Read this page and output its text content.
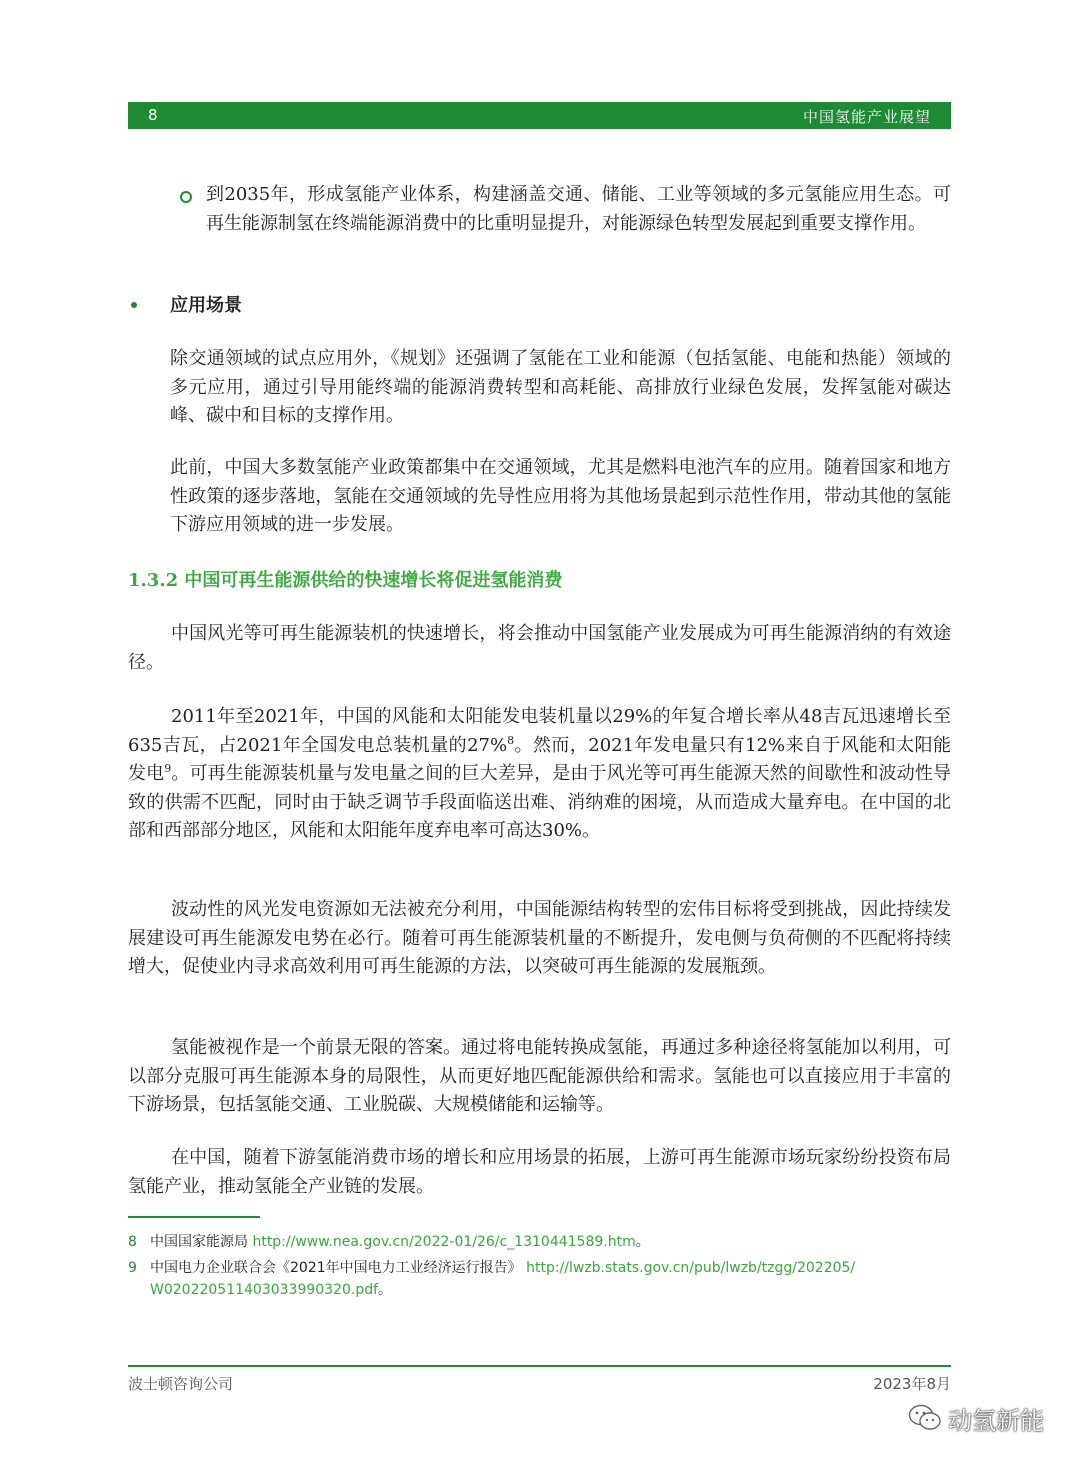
8	中国氢能产业展望
到2035年，形成氢能产业体系，构建涵盖交通、储能、工业等领域的多元氢能应用生态。可再生能源制氢在终端能源消费中的比重明显提升，对能源绿色转型发展起到重要支撑作用。
应用场景
除交通领域的试点应用外，《规划》还强调了氢能在工业和能源（包括氢能、电能和热能）领域的多元应用，通过引导用能终端的能源消费转型和高耗能、高排放行业绿色发展，发挥氢能对碳达峰、碳中和目标的支撑作用。
此前，中国大多数氢能产业政策都集中在交通领域，尤其是燃料电池汽车的应用。随着国家和地方性政策的逐步落地，氢能在交通领域的先导性应用将为其他场景起到示范性作用，带动其他的氢能下游应用领域的进一步发展。
1.3.2 中国可再生能源供给的快速增长将促进氢能消费
中国风光等可再生能源装机的快速增长，将会推动中国氢能产业发展成为可再生能源消纳的有效途径。
2011年至2021年，中国的风能和太阳能发电装机量以29%的年复合增长率从48吉瓦迅速增长至635吉瓦，占2021年全国发电总装机量的27%$^8$。然而，2021年发电量只有12%来自于风能和太阳能发电$^9$。可再生能源装机量与发电量之间的巨大差异，是由于风光等可再生能源天然的间歇性和波动性导致的供需不匹配，同时由于缺乏调节手段面临送出难、消纳难的困境，从而造成大量弃电。在中国的北部和西部部分地区，风能和太阳能年度弃电率可高达30%。
波动性的风光发电资源如无法被充分利用，中国能源结构转型的宏伟目标将受到挑战，因此持续发展建设可再生能源发电势在必行。随着可再生能源装机量的不断提升，发电侧与负荷侧的不匹配将持续增大，促使业内寻求高效利用可再生能源的方法，以突破可再生能源的发展瓶颈。
氢能被视作是一个前景无限的答案。通过将电能转换成氢能，再通过多种途径将氢能加以利用，可以部分克服可再生能源本身的局限性，从而更好地匹配能源供给和需求。氢能也可以直接应用于丰富的下游场景，包括氢能交通、工业脱碳、大规模储能和运输等。
在中国，随着下游氢能消费市场的增长和应用场景的拓展，上游可再生能源市场玩家纷纷投资布局氢能产业，推动氢能全产业链的发展。
8 中国国家能源局 http://www.nea.gov.cn/2022-01/26/c_1310441589.htm。
9 中国电力企业联合会《2021年中国电力工业经济运行报告》 http://lwzb.stats.gov.cn/pub/lwzb/tzgg/202205/
W020220511403033990320.pdf。
波士顿咨询公司	2023年8月
动氢新能
